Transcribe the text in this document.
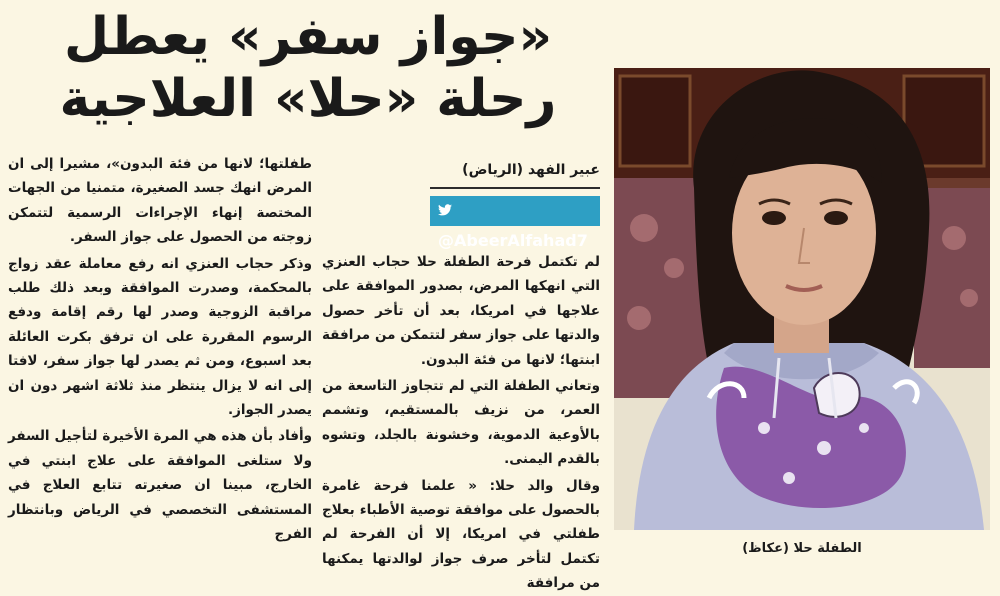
«جواز سفر» يعطل
رحلة «حلا» العلاجية
الطفلة حلا (عكاظ)
عبير الفهد (الرياض)
@AbeerAlfahad7

لم تكتمل فرحة الطفلة حلا حجاب العنزي التي انهكها المرض، بصدور الموافقة على علاجها في امريكا، بعد أن تأخر حصول والدتها على جواز سفر لتتمكن من مرافقة ابنتها؛ لانها من فئة البدون.

وتعاني الطفلة التي لم تتجاوز التاسعة من العمر، من نزيف بالمستقيم، وتشمم بالأوعية الدموية، وخشونة بالجلد، وتشوه بالقدم اليمنى.

وقال والد حلا: « علمنا فرحة غامرة بالحصول على موافقة توصية الأطباء بعلاج طفلتي في امريكا، إلا أن الفرحة لم تكتمل لتأخر صرف جواز لوالدتها يمكنها من مرافقة

طفلتها؛ لانها من فئة البدون»، مشيرا إلى ان المرض انهك جسد الصغيرة، متمنيا من الجهات المختصة إنهاء الإجراءات الرسمية لتتمكن زوجته من الحصول على جواز السفر.

وذكر حجاب العنزي انه رفع معاملة عقد زواج بالمحكمة، وصدرت الموافقة وبعد ذلك طلب مراقبة الزوجية وصدر لها رقم إقامة ودفع الرسوم المقررة على ان ترفق بكرت العائلة بعد اسبوع، ومن ثم يصدر لها جواز سفر، لافتا إلى انه لا يزال ينتظر منذ ثلاثة اشهر دون ان يصدر الجواز.

وأفاد بأن هذه هي المرة الأخيرة لتأجيل السفر ولا ستلغى الموافقة على علاج ابنتي في الخارج، مبينا ان صغيرته تتابع العلاج في المستشفى التخصصي في الرياض وبانتظار الفرج
